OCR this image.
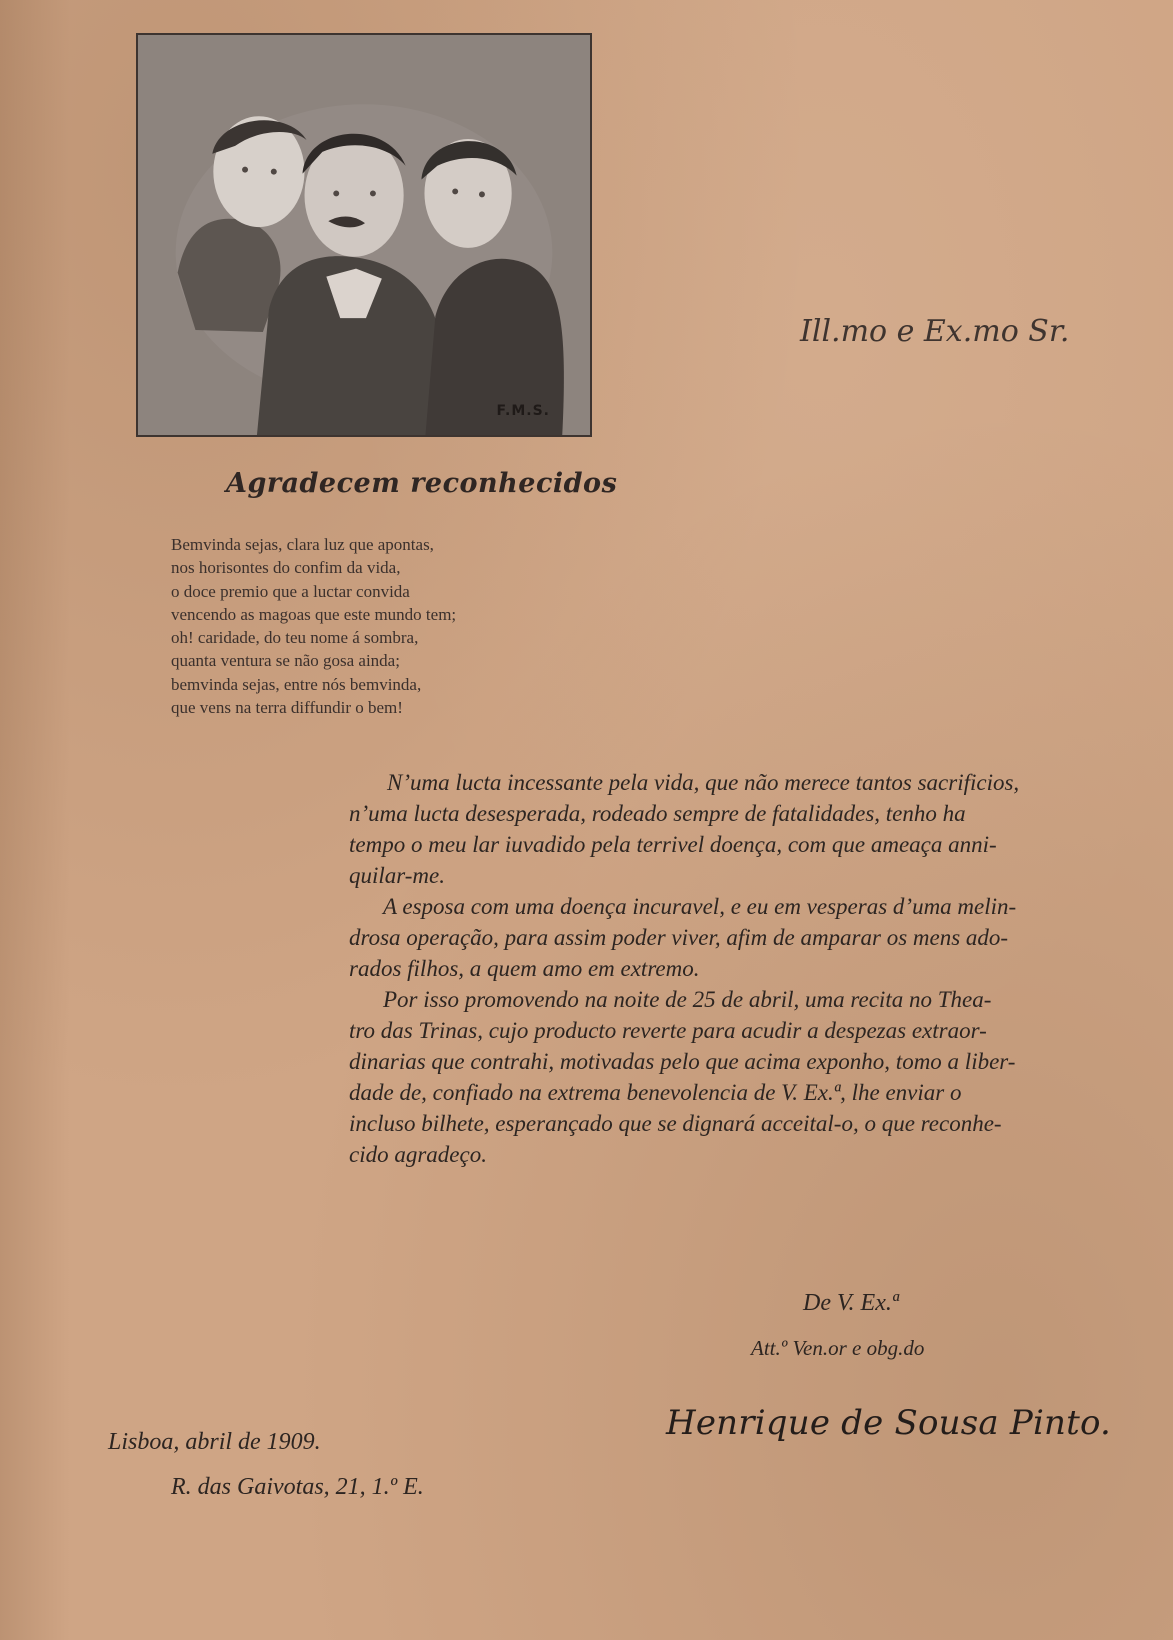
F.M.S.
Ill.mo e Ex.mo Sr.
Agradecem reconhecidos
Bemvinda sejas, clara luz que apontas,
nos horisontes do confim da vida,
o doce premio que a luctar convida
vencendo as magoas que este mundo tem;
oh! caridade, do teu nome á sombra,
quanta ventura se não gosa ainda;
bemvinda sejas, entre nós bemvinda,
que vens na terra diffundir o bem!
N’uma lucta incessante pela vida, que não merece tantos sacrificios,
n’uma lucta desesperada, rodeado sempre de fatalidades, tenho ha
tempo o meu lar iuvadido pela terrivel doença, com que ameaça anni-
quilar-me.
A esposa com uma doença incuravel, e eu em vesperas d’uma melin-
drosa operação, para assim poder viver, afim de amparar os mens ado-
rados filhos, a quem amo em extremo.
Por isso promovendo na noite de 25 de abril, uma recita no Thea-
tro das Trinas, cujo producto reverte para acudir a despezas extraor-
dinarias que contrahi, motivadas pelo que acima exponho, tomo a liber-
dade de, confiado na extrema benevolencia de V. Ex.ª, lhe enviar o
incluso bilhete, esperançado que se dignará acceital-o, o que reconhe-
cido agradeço.
De V. Ex.ª
Att.º Ven.or e obg.do
Henrique de Sousa Pinto.
Lisboa, abril de 1909.
R. das Gaivotas, 21, 1.º E.
